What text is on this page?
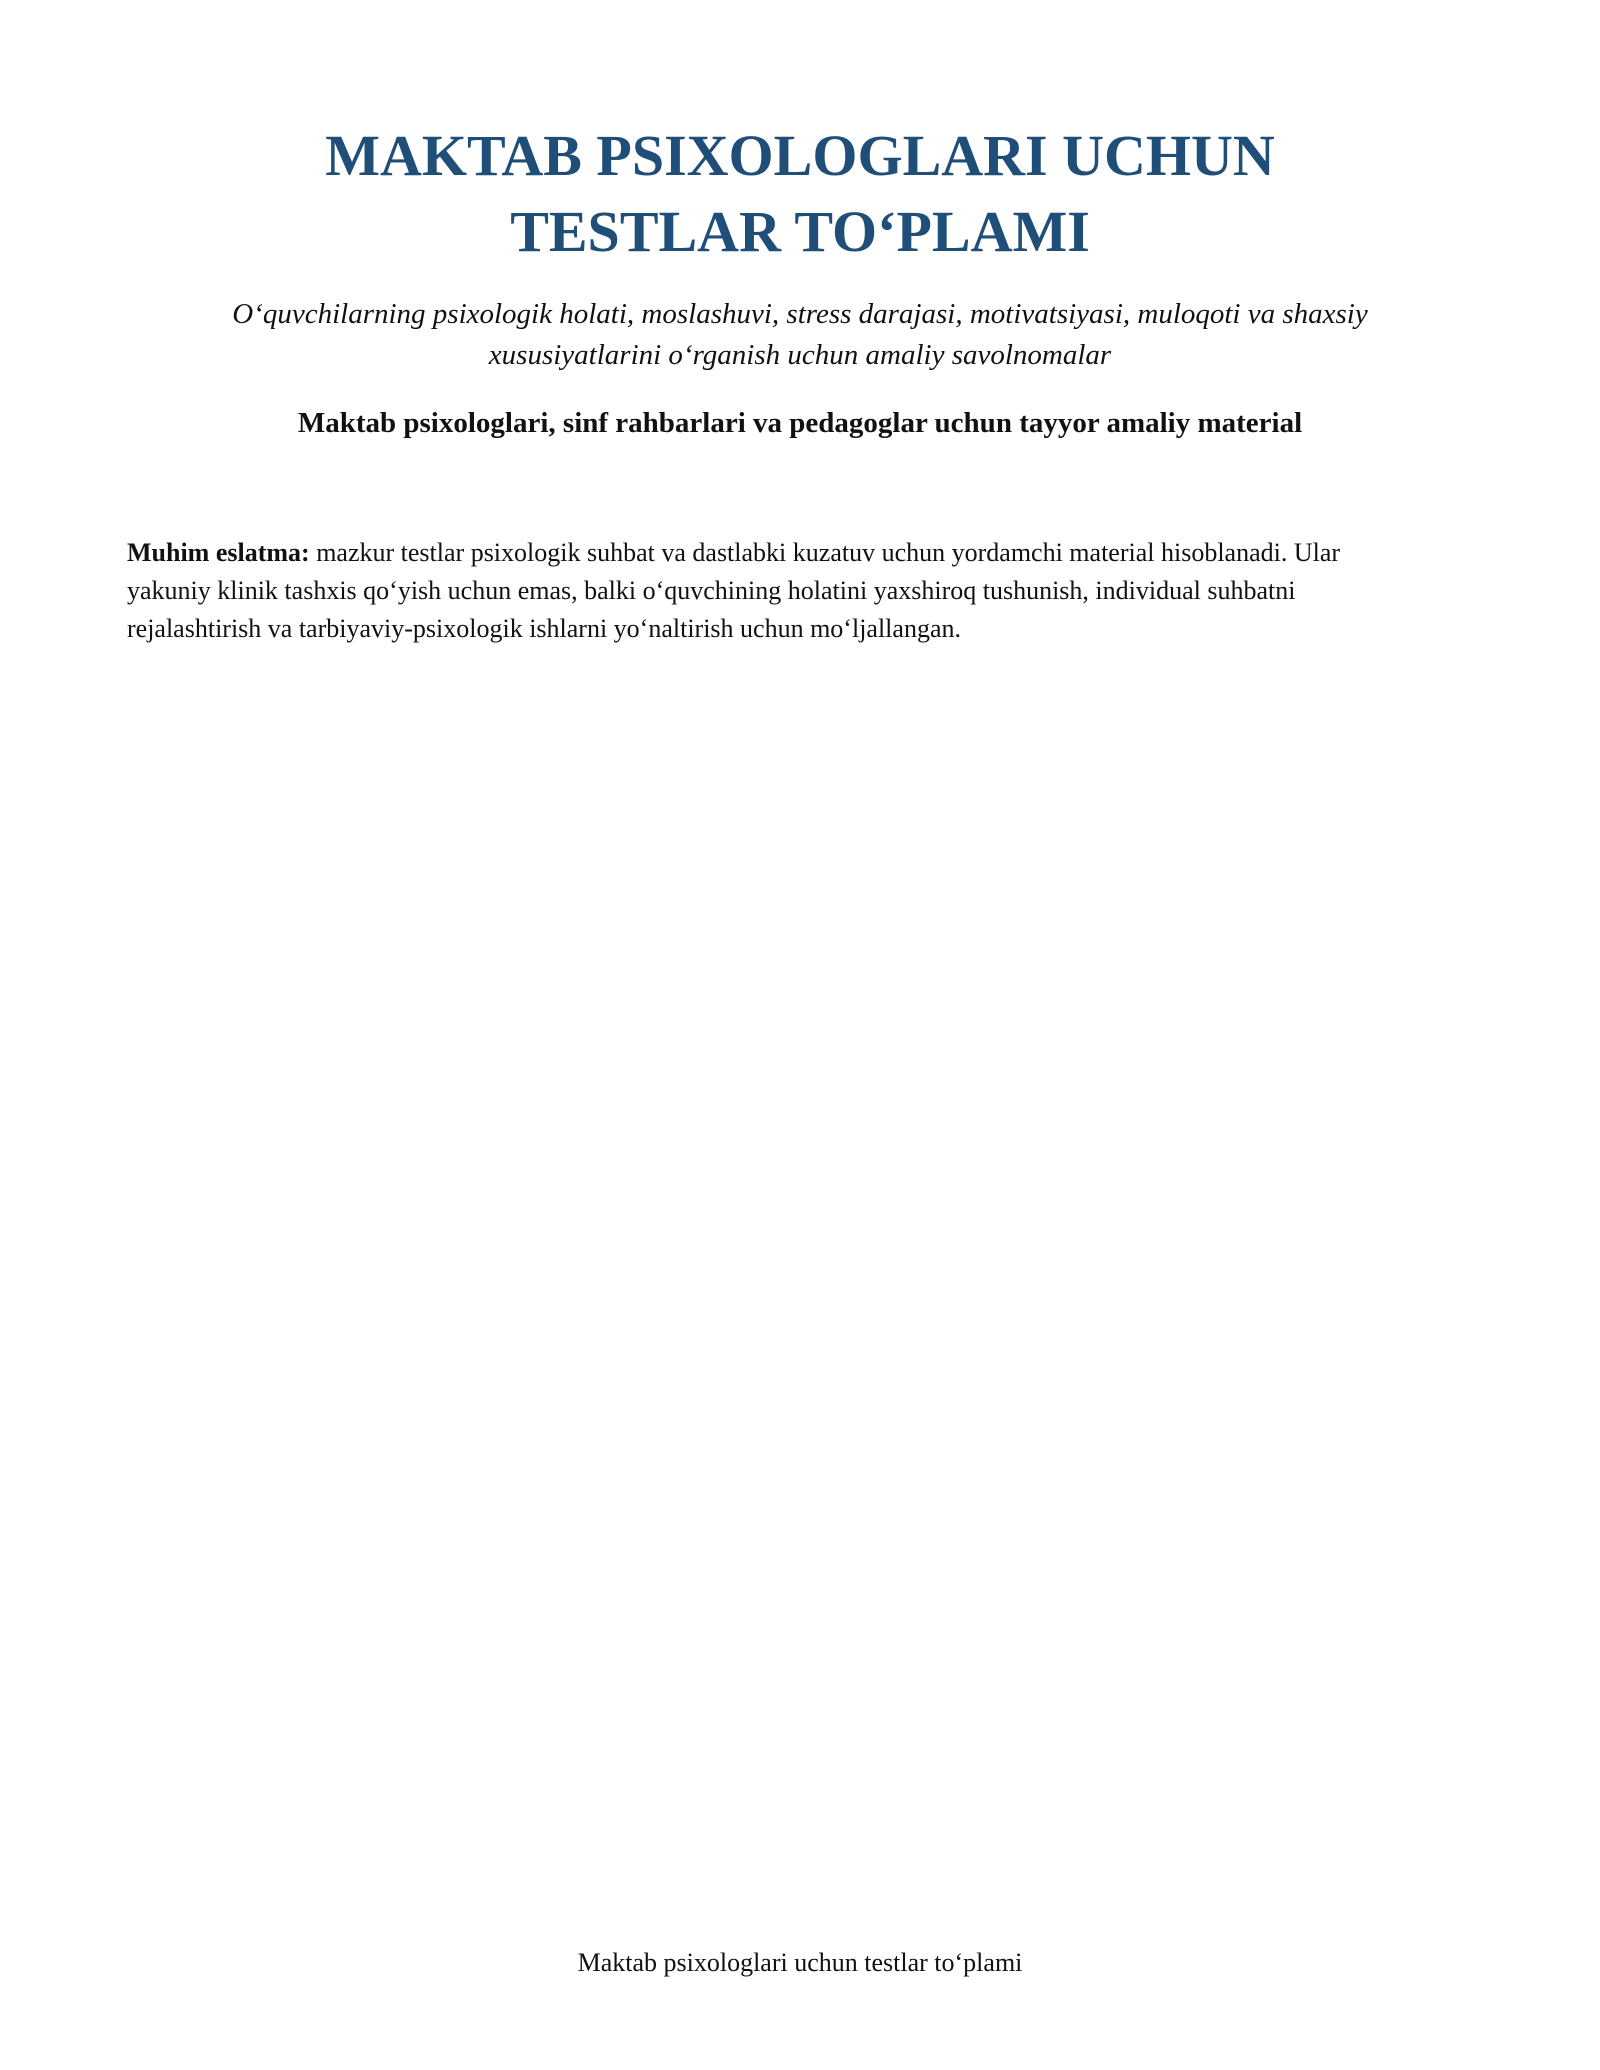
MAKTAB PSIXOLOGLARI UCHUN
TESTLAR TO‘PLAMI

O‘quvchilarning psixologik holati, moslashuvi, stress darajasi, motivatsiyasi, muloqoti va shaxsiy
xususiyatlarini o‘rganish uchun amaliy savolnomalar

Maktab psixologlari, sinf rahbarlari va pedagoglar uchun tayyor amaliy material

Muhim eslatma: mazkur testlar psixologik suhbat va dastlabki kuzatuv uchun yordamchi material hisoblanadi. Ular
yakuniy klinik tashxis qo‘yish uchun emas, balki o‘quvchining holatini yaxshiroq tushunish, individual suhbatni
rejalashtirish va tarbiyaviy-psixologik ishlarni yo‘naltirish uchun mo‘ljallangan.

Maktab psixologlari uchun testlar to‘plami
